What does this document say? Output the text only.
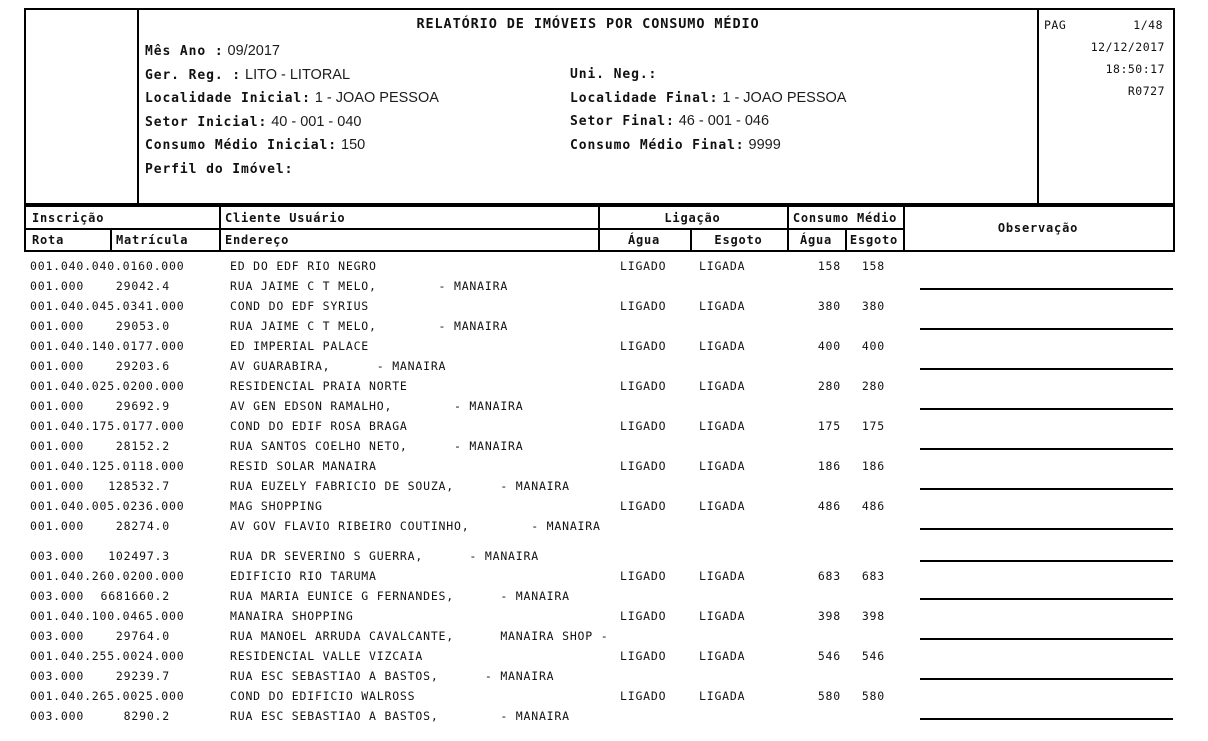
RELATÓRIO DE IMÓVEIS POR CONSUMO MÉDIO
Mês Ano : 09/2017
Ger. Reg. : LITO - LITORAL
Localidade Inicial: 1 - JOAO PESSOA
Setor Inicial: 40 - 001 - 040
Consumo Médio Inicial: 150
Perfil do Imóvel:
Uni. Neg.:
Localidade Final: 1 - JOAO PESSOA
Setor Final: 46 - 001 - 046
Consumo Médio Final: 9999
PAG	1/48
12/12/2017
18:50:17
R0727
Inscrição	Cliente Usuário	Ligação	Consumo Médio
Observação
Rota	Matrícula	Endereço	Água	Esgoto	Água	Esgoto
001.040.040.0160.000	ED DO EDF RIO NEGRO	LIGADO	LIGADA	158	158
001.000	29042.4	RUA JAIME C T MELO,        - MANAIRA
001.040.045.0341.000	COND DO EDF SYRIUS	LIGADO	LIGADA	380	380
001.000	29053.0	RUA JAIME C T MELO,        - MANAIRA
001.040.140.0177.000	ED IMPERIAL PALACE	LIGADO	LIGADA	400	400
001.000	29203.6	AV GUARABIRA,      - MANAIRA
001.040.025.0200.000	RESIDENCIAL PRAIA NORTE	LIGADO	LIGADA	280	280
001.000	29692.9	AV GEN EDSON RAMALHO,        - MANAIRA
001.040.175.0177.000	COND DO EDIF ROSA BRAGA	LIGADO	LIGADA	175	175
001.000	28152.2	RUA SANTOS COELHO NETO,      - MANAIRA
001.040.125.0118.000	RESID SOLAR MANAIRA	LIGADO	LIGADA	186	186
001.000	128532.7	RUA EUZELY FABRICIO DE SOUZA,      - MANAIRA
001.040.005.0236.000	MAG SHOPPING	LIGADO	LIGADA	486	486
001.000	28274.0	AV GOV FLAVIO RIBEIRO COUTINHO,        - MANAIRA
003.000	102497.3	RUA DR SEVERINO S GUERRA,      - MANAIRA
001.040.260.0200.000	EDIFICIO RIO TARUMA	LIGADO	LIGADA	683	683
003.000 6681660.2	RUA MARIA EUNICE G FERNANDES,      - MANAIRA
001.040.100.0465.000	MANAIRA SHOPPING	LIGADO	LIGADA	398	398
003.000	29764.0	RUA MANOEL ARRUDA CAVALCANTE,      MANAIRA SHOP -
001.040.255.0024.000	RESIDENCIAL VALLE VIZCAIA	LIGADO	LIGADA	546	546
003.000	29239.7	RUA ESC SEBASTIAO A BASTOS,      - MANAIRA
001.040.265.0025.000	COND DO EDIFICIO WALROSS	LIGADO	LIGADA	580	580
003.000	8290.2	RUA ESC SEBASTIAO A BASTOS,        - MANAIRA
